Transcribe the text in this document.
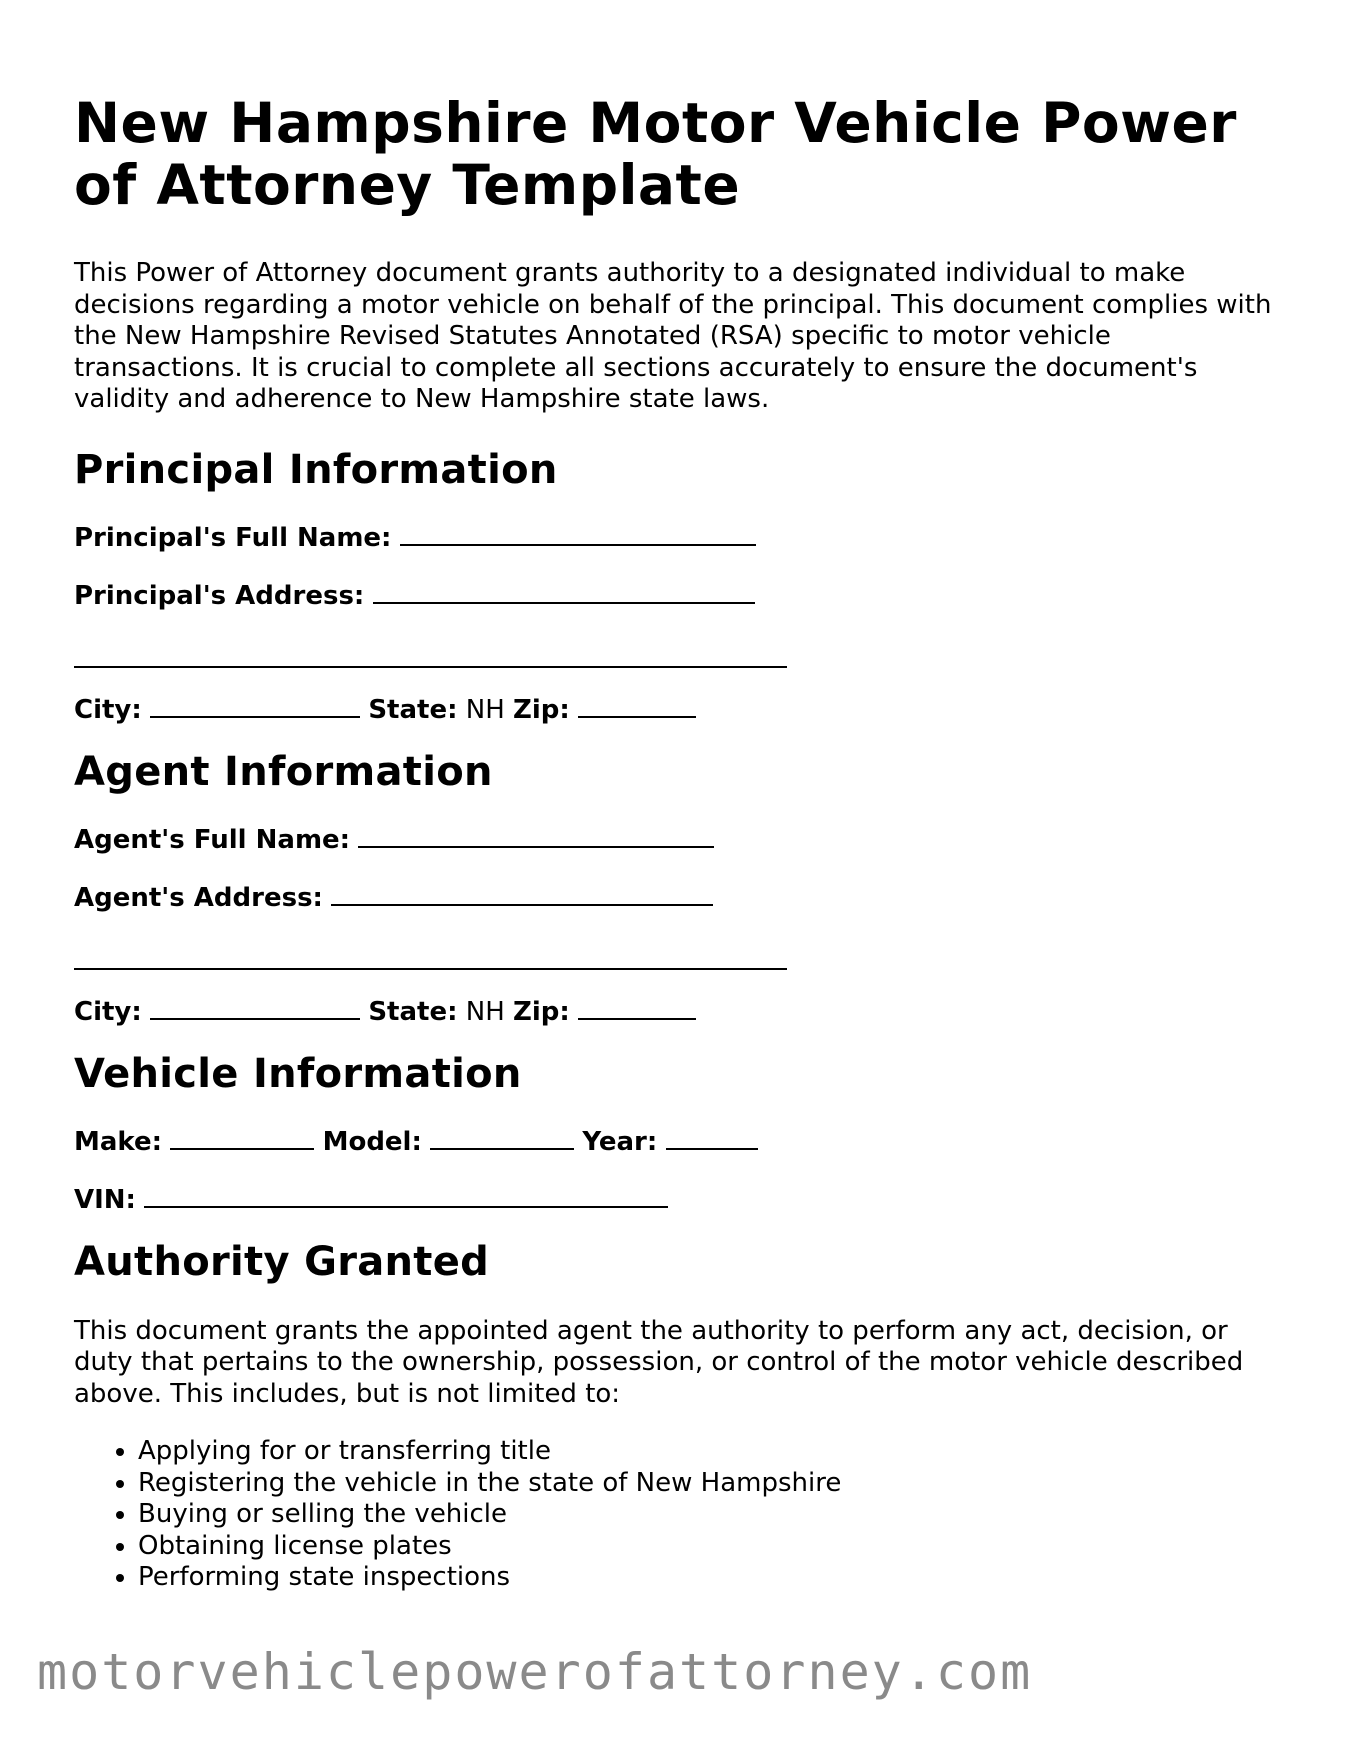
New Hampshire Motor Vehicle Power of Attorney Template

This Power of Attorney document grants authority to a designated individual to make decisions regarding a motor vehicle on behalf of the principal. This document complies with the New Hampshire Revised Statutes Annotated (RSA) specific to motor vehicle transactions. It is crucial to complete all sections accurately to ensure the document's validity and adherence to New Hampshire state laws.

Principal Information

Principal's Full Name:

Principal's Address:

City:	State: NH Zip:

Agent Information

Agent's Full Name:

Agent's Address:

City:	State: NH Zip:

Vehicle Information

Make:	Model:	Year:

VIN:

Authority Granted

This document grants the appointed agent the authority to perform any act, decision, or duty that pertains to the ownership, possession, or control of the motor vehicle described above. This includes, but is not limited to:

• Applying for or transferring title
• Registering the vehicle in the state of New Hampshire
• Buying or selling the vehicle
• Obtaining license plates
• Performing state inspections
motorvehiclepowerofattorney.com
